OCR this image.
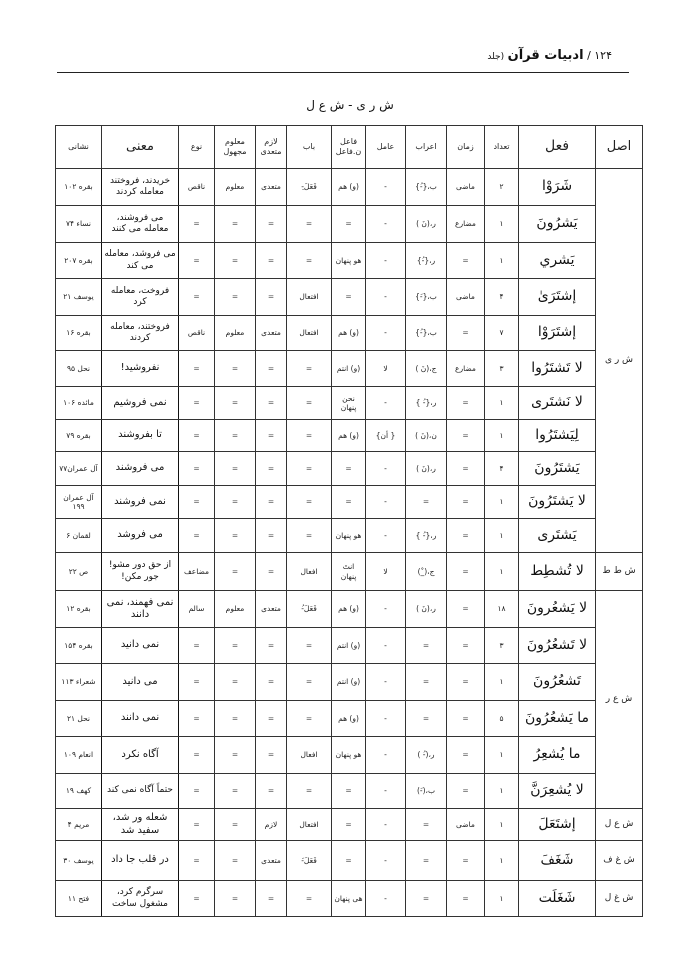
۱۲۴ / ادبیات قرآن (جلد
ش ر ی - ش ع ل
اصل	فعل	تعداد	زمان	اعراب	عامل	فاعل ن.فاعل	باب	لازم متعدی	معلوم مجهول	نوع	معنی	نشانی
ش ر ی	شَرَوْا	۲	ماضی	ب،{-ُ}	-	(و) هم	فَعَلَ-ِ	متعدی	معلوم	ناقص	خریدند، فروختند معامله کردند	بقره ۱۰۲
	يَشرُونَ	۱	مضارع	ر،(نَ )	-	=	=	=	=	=	می فروشند، معامله می کنند	نساء ۷۴
	يَشري	۱	=	ر،{-ُ}	-	هو پنهان	=	=	=	=	می فروشد، معامله می کند	بقره ۲۰۷
	إشتَرَىٰ	۴	ماضی	ب،{-َ}	-	=	افتعال	=	=	=	فروخت، معامله کرد	یوسف ۲۱
	إشتَرَوْا	۷	=	ب،{-ُ}	-	(و) هم	افتعال	متعدی	معلوم	ناقص	فروختند، معامله کردند	بقره ۱۶
	لا تَشتَرُوا	۳	مضارع	ج،(نَ )	لا	(و) انتم	=	=	=	=	نفروشید!	نحل ۹۵
	لا نَشتَرى	۱	=	ر،{-ُ }	-	نحن پنهان	=	=	=	=	نمی فروشیم	مائده ۱۰۶
	لِيَشتَرُوا	۱	=	ن،(نَ )	{ أن}	(و) هم	=	=	=	=	تا بفروشند	بقره ۷۹
	يَشتَرُونَ	۴	=	ر،(نَ )	-	=	=	=	=	=	می فروشند	آل عمران۷۷
	لا يَشتَرُونَ	۱	=	=	-	=	=	=	=	=	نمی فروشند	آل عمران ۱۹۹
	يَشتَرى	۱	=	ر،{-ُ }	-	هو پنهان	=	=	=	=	می فروشد	لقمان ۶
ش ط ط	لا تُشطِط	۱	=	ج،(_ْ)	لا	انتَ پنهان	افعال	=	=	مضاعف	از حق دور مشو! جور مکن!	ص ۲۲
ش ع ر	لا يَشعُرونَ	۱۸	=	ر،(نَ )	-	(و) هم	فَعَلَ-ُ	متعدی	معلوم	سالم	نمی فهمند، نمی دانند	بقره ۱۲
	لا تَشعُرُونَ	۳	=	=	-	(و) انتم	=	=	=	=	نمی دانید	بقره ۱۵۴
	تَشعُرُونَ	۱	=	=	-	(و) انتم	=	=	=	=	می دانید	شعراء ۱۱۳
	ما يَشعُرُونَ	۵	=	=	-	(و) هم	=	=	=	=	نمی دانند	نحل ۲۱
	ما يُشعِرُ	۱	=	ر،(-ُ )	-	هو پنهان	افعال	=	=	=	آگاه نکرد	انعام ۱۰۹
	لا يُشعِرَنَّ	۱	=	ب،(-َ)	-	=	=	=	=	=	حتماً آگاه نمی کند	کهف ۱۹
ش ع ل	إشتَعَلَ	۱	ماضی	=	-	=	افتعال	لازم	=	=	شعله ور شد، سفید شد	مریم ۴
ش غ ف	شَغَفَ	۱	=	=	-	=	فَعَلَ-َ	متعدی	=	=	در قلب جا داد	یوسف ۳۰
ش غ ل	شَغَلَت	۱	=	=	-	هی پنهان	=	=	=	=	سرگرم کرد، مشغول ساخت	فتح ۱۱
